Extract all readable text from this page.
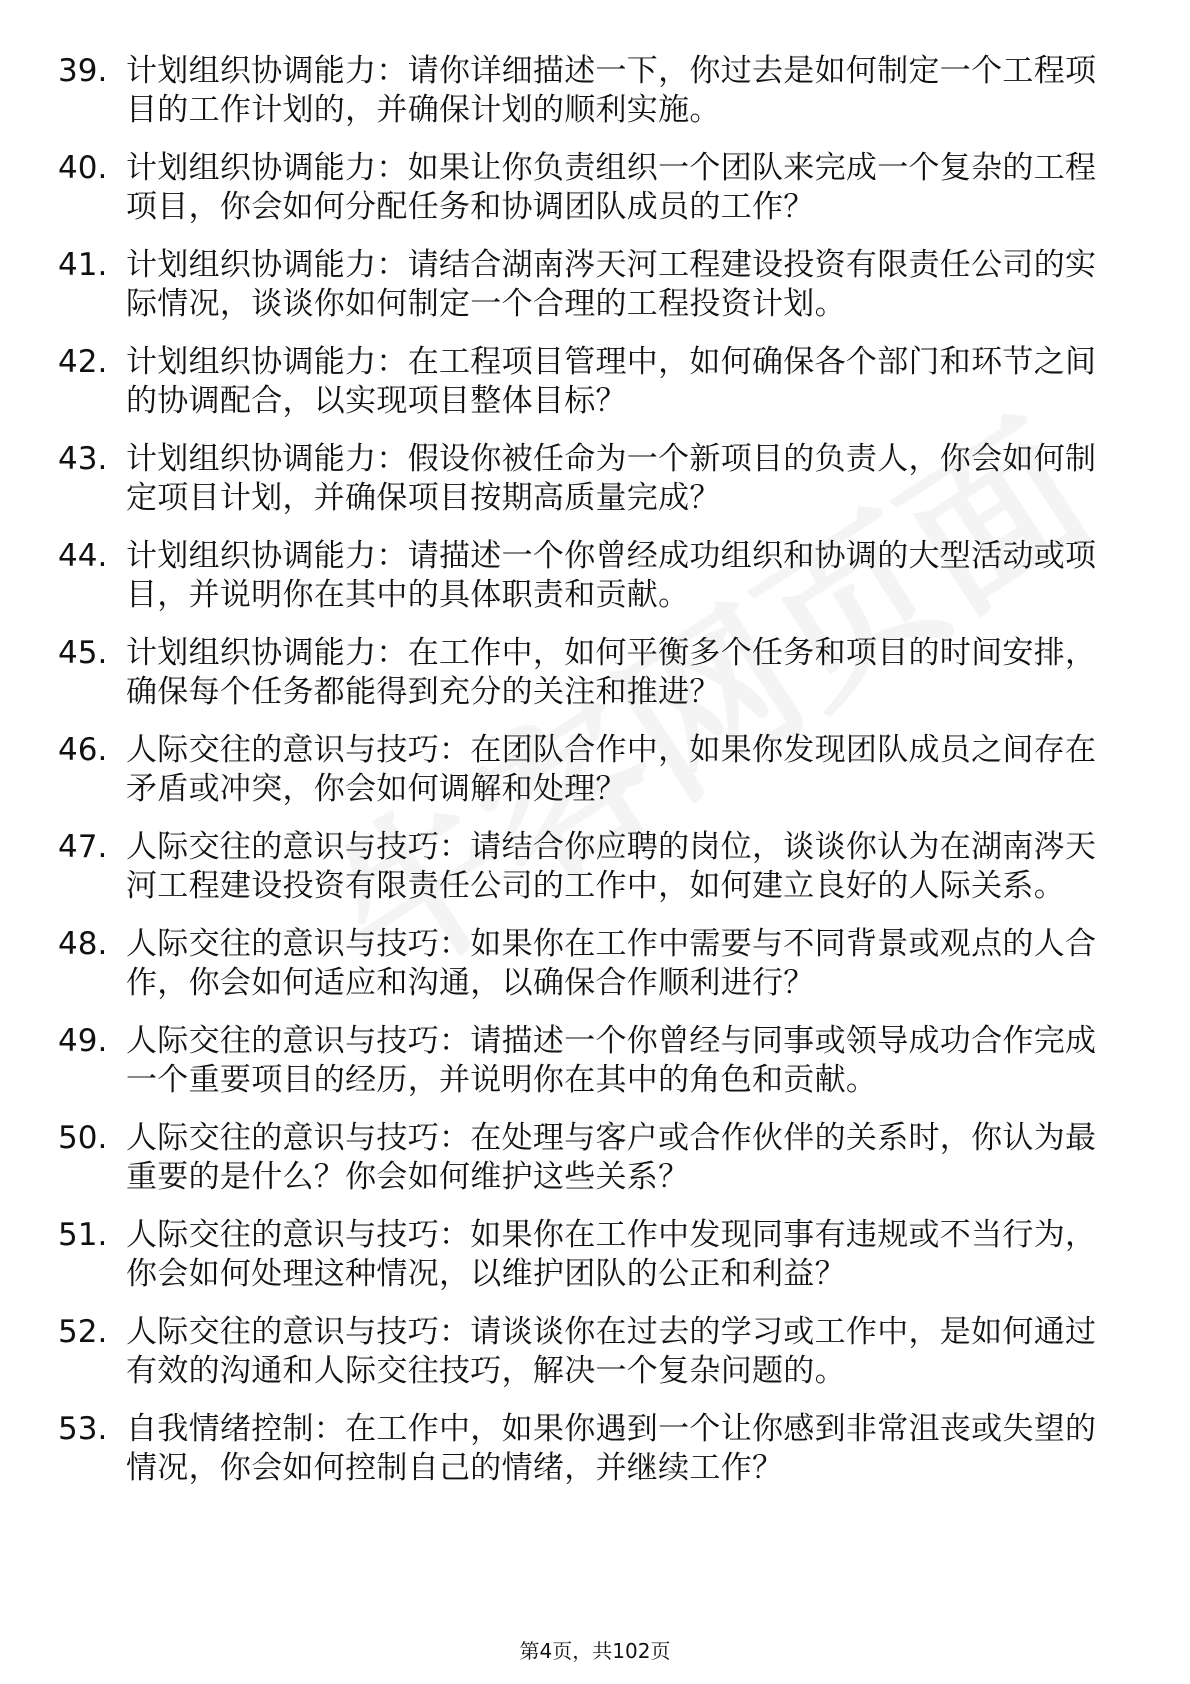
39. 计划组织协调能力：请你详细描述一下，你过去是如何制定一个工程项目的工作计划的，并确保计划的顺利实施。
40. 计划组织协调能力：如果让你负责组织一个团队来完成一个复杂的工程项目，你会如何分配任务和协调团队成员的工作？
41. 计划组织协调能力：请结合湖南涔天河工程建设投资有限责任公司的实际情况，谈谈你如何制定一个合理的工程投资计划。
42. 计划组织协调能力：在工程项目管理中，如何确保各个部门和环节之间的协调配合，以实现项目整体目标？
43. 计划组织协调能力：假设你被任命为一个新项目的负责人，你会如何制定项目计划，并确保项目按期高质量完成？
44. 计划组织协调能力：请描述一个你曾经成功组织和协调的大型活动或项目，并说明你在其中的具体职责和贡献。
45. 计划组织协调能力：在工作中，如何平衡多个任务和项目的时间安排，确保每个任务都能得到充分的关注和推进？
46. 人际交往的意识与技巧：在团队合作中，如果你发现团队成员之间存在矛盾或冲突，你会如何调解和处理？
47. 人际交往的意识与技巧：请结合你应聘的岗位，谈谈你认为在湖南涔天河工程建设投资有限责任公司的工作中，如何建立良好的人际关系。
48. 人际交往的意识与技巧：如果你在工作中需要与不同背景或观点的人合作，你会如何适应和沟通，以确保合作顺利进行？
49. 人际交往的意识与技巧：请描述一个你曾经与同事或领导成功合作完成一个重要项目的经历，并说明你在其中的角色和贡献。
50. 人际交往的意识与技巧：在处理与客户或合作伙伴的关系时，你认为最重要的是什么？你会如何维护这些关系？
51. 人际交往的意识与技巧：如果你在工作中发现同事有违规或不当行为，你会如何处理这种情况，以维护团队的公正和利益？
52. 人际交往的意识与技巧：请谈谈你在过去的学习或工作中，是如何通过有效的沟通和人际交往技巧，解决一个复杂问题的。
53. 自我情绪控制：在工作中，如果你遇到一个让你感到非常沮丧或失望的情况，你会如何控制自己的情绪，并继续工作？
第4页，共102页
